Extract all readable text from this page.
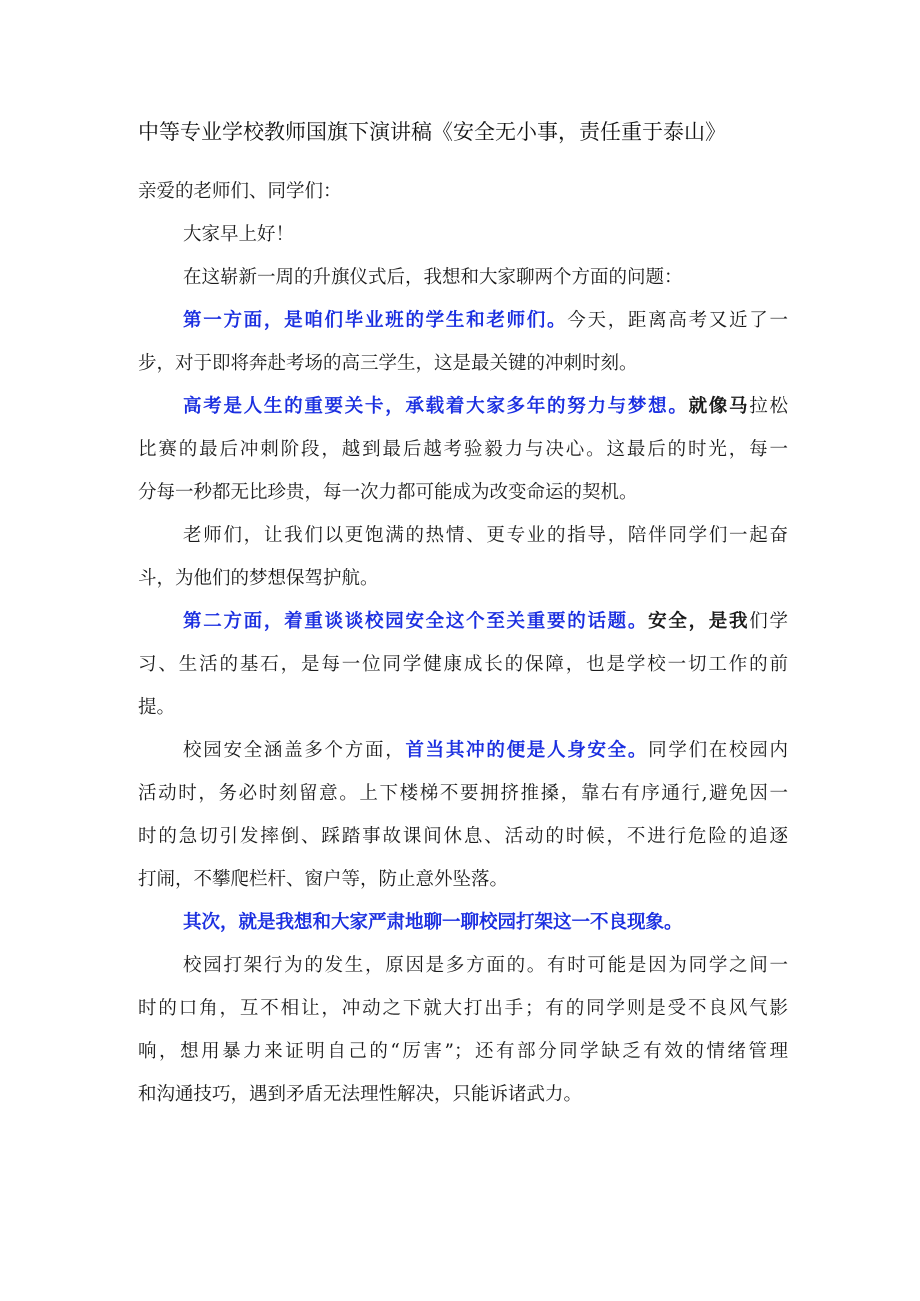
中等专业学校教师国旗下演讲稿《安全无小事，责任重于泰山》
亲爱的老师们、同学们：
大家早上好！
在这崭新一周的升旗仪式后，我想和大家聊两个方面的问题：
第一方面，是咱们毕业班的学生和老师们。今天，距离高考又近了一
步，对于即将奔赴考场的高三学生，这是最关键的冲刺时刻。
高考是人生的重要关卡，承载着大家多年的努力与梦想。就像马拉松
比赛的最后冲刺阶段，越到最后越考验毅力与决心。这最后的时光，每一
分每一秒都无比珍贵，每一次力都可能成为改变命运的契机。
老师们，让我们以更饱满的热情、更专业的指导，陪伴同学们一起奋
斗，为他们的梦想保驾护航。
第二方面，着重谈谈校园安全这个至关重要的话题。安全，是我们学
习、生活的基石，是每一位同学健康成长的保障，也是学校一切工作的前
提。
校园安全涵盖多个方面，首当其冲的便是人身安全。同学们在校园内
活动时，务必时刻留意。上下楼梯不要拥挤推搡，靠右有序通行,避免因一
时的急切引发摔倒、踩踏事故课间休息、活动的时候，不进行危险的追逐
打闹，不攀爬栏杆、窗户等，防止意外坠落。
其次，就是我想和大家严肃地聊一聊校园打架这一不良现象。
校园打架行为的发生，原因是多方面的。有时可能是因为同学之间一
时的口角，互不相让，冲动之下就大打出手；有的同学则是受不良风气影
响，想用暴力来证明自己的“厉害”；还有部分同学缺乏有效的情绪管理
和沟通技巧，遇到矛盾无法理性解决，只能诉诸武力。
